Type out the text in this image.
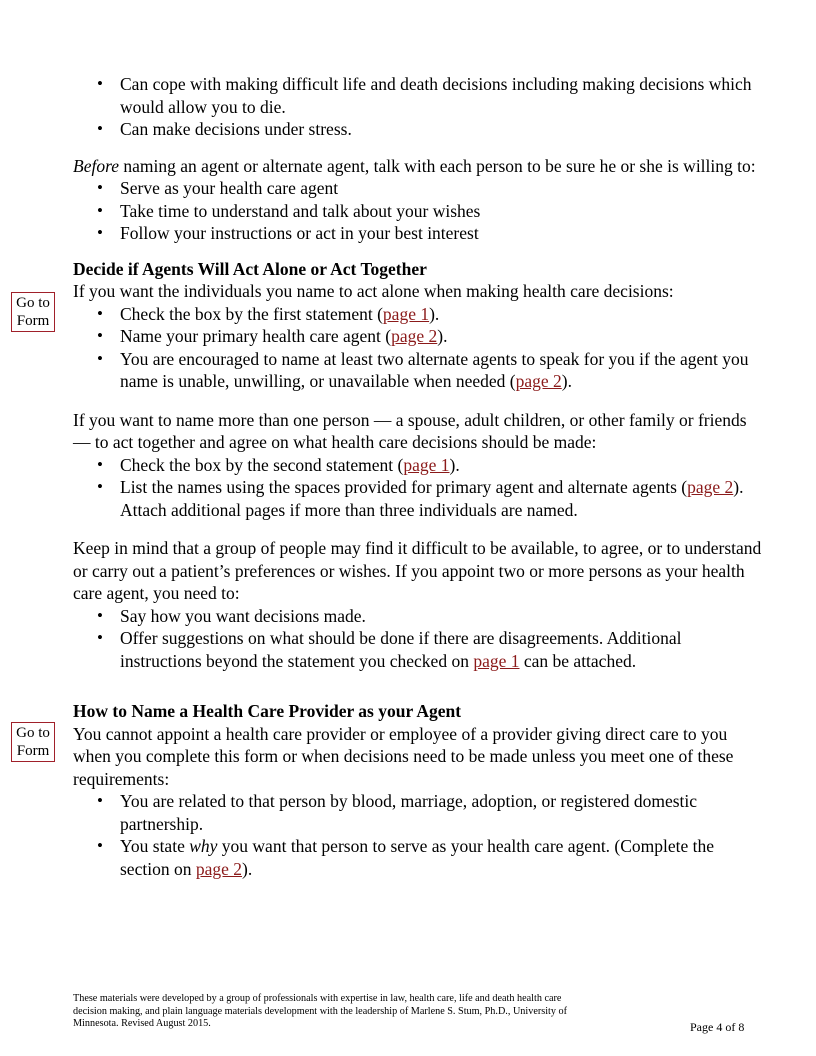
Go to
Form
Go to
Form
• Can cope with making difficult life and death decisions including making decisions which would allow you to die.
• Can make decisions under stress.

Before naming an agent or alternate agent, talk with each person to be sure he or she is willing to:

• Serve as your health care agent
• Take time to understand and talk about your wishes
• Follow your instructions or act in your best interest

Decide if Agents Will Act Alone or Act Together

If you want the individuals you name to act alone when making health care decisions:

• Check the box by the first statement (page 1).
• Name your primary health care agent (page 2).
• You are encouraged to name at least two alternate agents to speak for you if the agent you name is unable, unwilling, or unavailable when needed (page 2).

If you want to name more than one person — a spouse, adult children, or other family or friends — to act together and agree on what health care decisions should be made:

• Check the box by the second statement (page 1).
• List the names using the spaces provided for primary agent and alternate agents (page 2). Attach additional pages if more than three individuals are named.

Keep in mind that a group of people may find it difficult to be available, to agree, or to understand or carry out a patient’s preferences or wishes. If you appoint two or more persons as your health care agent, you need to:

• Say how you want decisions made.
• Offer suggestions on what should be done if there are disagreements. Additional instructions beyond the statement you checked on page 1 can be attached.

How to Name a Health Care Provider as your Agent

You cannot appoint a health care provider or employee of a provider giving direct care to you when you complete this form or when decisions need to be made unless you meet one of these requirements:

• You are related to that person by blood, marriage, adoption, or registered domestic partnership.
• You state why you want that person to serve as your health care agent. (Complete the section on page 2).
These materials were developed by a group of professionals with expertise in law, health care, life and death health care decision making, and plain language materials development with the leadership of Marlene S. Stum, Ph.D., University of Minnesota. Revised August 2015.	Page 4 of 8
